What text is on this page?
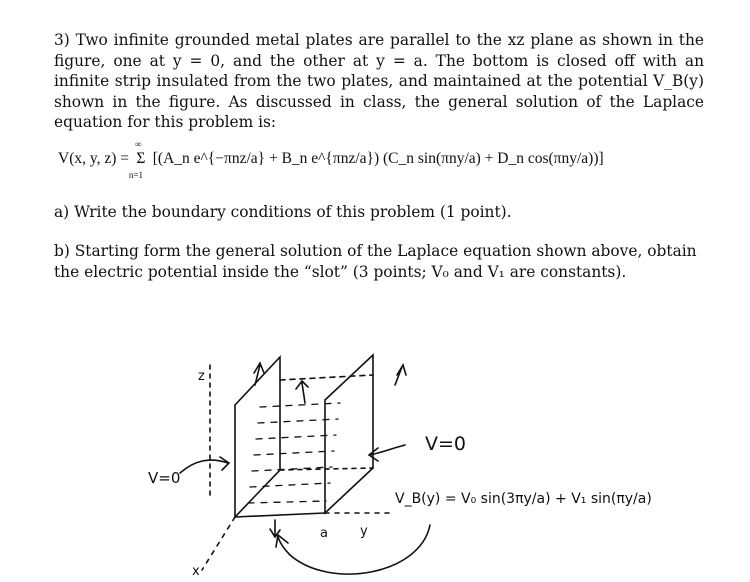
3) Two infinite grounded metal plates are parallel to the xz plane as shown in the figure, one at y = 0, and the other at y = a. The bottom is closed off with an infinite strip insulated from the two plates, and maintained at the potential V_B(y) shown in the figure. As discussed in class, the general solution of the Laplace equation for this problem is:

V(x, y, z) = Σ
∞
n=1
[(A_n e^{−πnz/a} + B_n e^{πnz/a}) (C_n sin(πny/a) + D_n cos(πny/a))]

a) Write the boundary conditions of this problem (1 point).

b) Starting form the general solution of the Laplace equation shown above, obtain the electric potential inside the “slot” (3 points; V₀ and V₁ are constants).

z
x
y
a
V=0
V=0
V_B(y) = V₀ sin(3πy/a) + V₁ sin(πy/a)
